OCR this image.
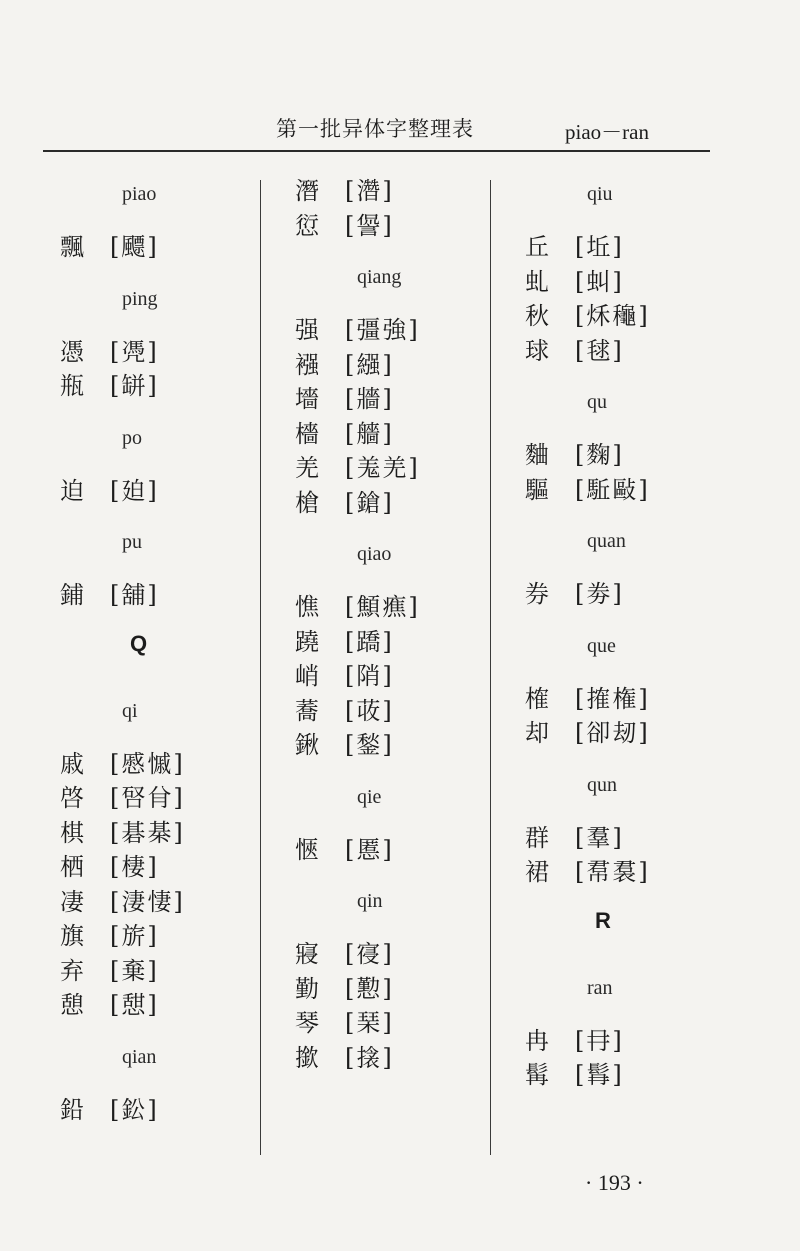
第一批异体字整理表	piao－ran
piao
飄 [飃]
ping
憑 [凴]
瓶 [缾]
po
迫 [廹]
pu
鋪 [舖]
Q
qi
戚 [慼慽]
啓 [唘䏌]
棋 [碁棊]
栖 [棲]
凄 [淒悽]
旗 [旂]
弃 [棄]
憩 [憇]
qian
鉛 [鈆]
潛 [濳]
愆 [諐]
qiang
强 [彊強]
襁 [繦]
墻 [牆]
檣 [艢]
羌 [羗羌]
槍 [鎗]
qiao
憔 [顦癄]
蹺 [蹻]
峭 [陗]
蕎 [荍]
鍬 [鍫]
qie
愜 [慝]
qin
寢 [寑]
勤 [懃]
琴 [琹]
撳 [搇]
qiu
丘 [坵]
虬 [虯]
秋 [秌龝]
球 [毬]
qu
麯 [麴]
驅 [駈敺]
quan
券 [劵]
que
榷 [搉権]
却 [卻刼]
qun
群 [羣]
裙 [帬裠]
R
ran
冉 [冄]
髯 [髥]
· 193 ·
